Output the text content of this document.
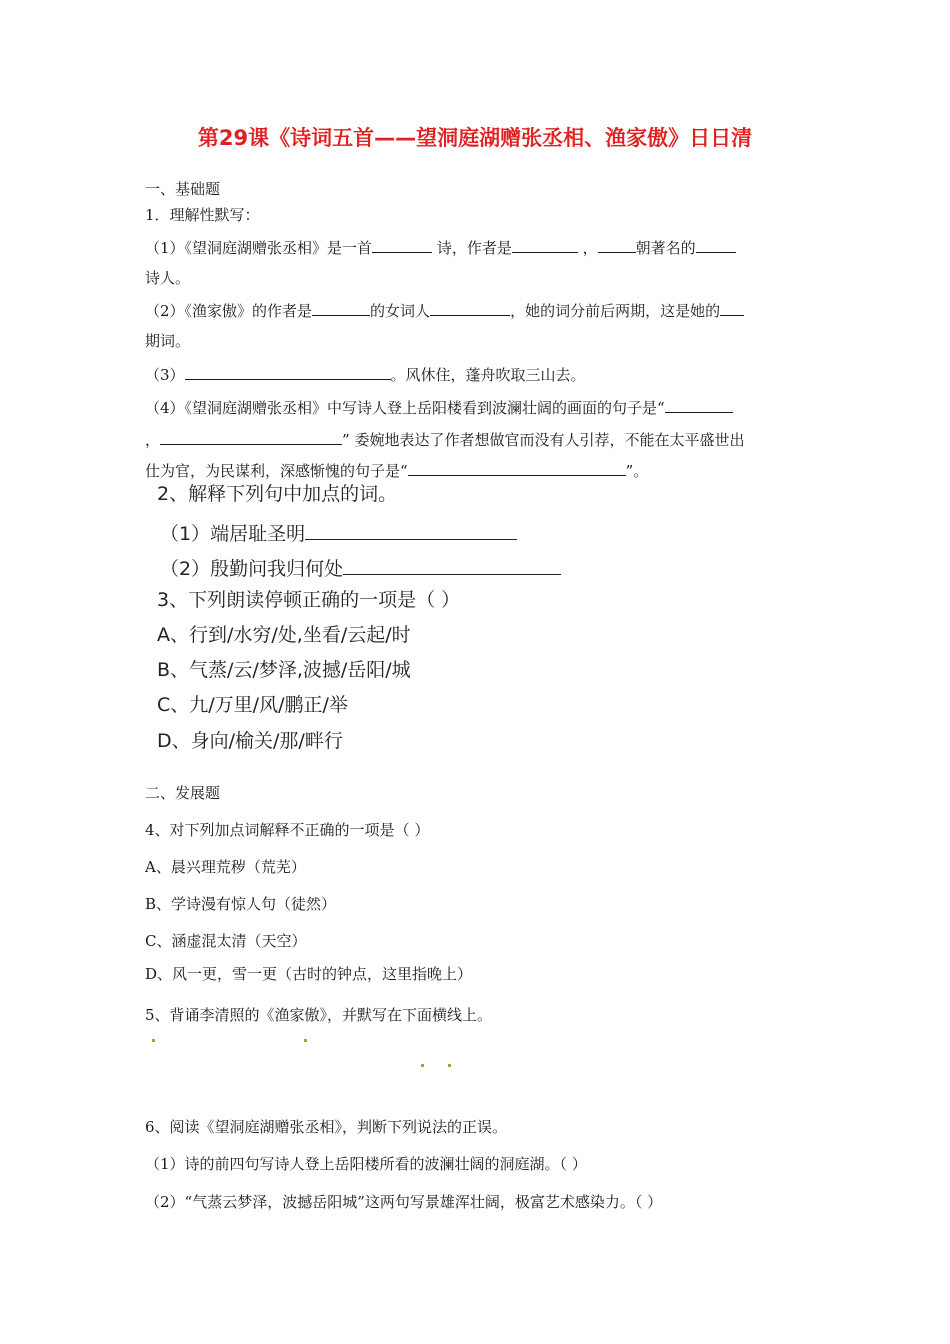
第29课《诗词五首——望洞庭湖赠张丞相、渔家傲》日日清
一、基础题
1．理解性默写：
（1）《望洞庭湖赠张丞相》是一首	诗，作者是	，	朝著名的
诗人。
（2）《渔家傲》的作者是	的女词人	，她的词分前后两期，这是她的
期词。
（3）	。风休住，蓬舟吹取三山去。
（4）《望洞庭湖赠张丞相》中写诗人登上岳阳楼看到波澜壮阔的画面的句子是“
，	” 委婉地表达了作者想做官而没有人引荐，不能在太平盛世出
仕为官，为民谋利，深感惭愧的句子是“	”。
2、解释下列句中加点的词。
（1）端居耻圣明
（2）殷勤问我归何处
3、下列朗读停顿正确的一项是（ ）
A、行到/水穷/处,坐看/云起/时
B、气蒸/云/梦泽,波撼/岳阳/城
C、九/万里/风/鹏正/举
D、身向/榆关/那/畔行
二、发展题
4、对下列加点词解释不正确的一项是（ ）
A、晨兴理荒秽（荒芜）
B、学诗漫有惊人句（徒然）
C、涵虚混太清（天空）
D、风一更，雪一更（古时的钟点，这里指晚上）
5、背诵李清照的《渔家傲》，并默写在下面横线上。
6、阅读《望洞庭湖赠张丞相》，判断下列说法的正误。
（1）诗的前四句写诗人登上岳阳楼所看的波澜壮阔的洞庭湖。（ ）
（2）“气蒸云梦泽，波撼岳阳城”这两句写景雄浑壮阔，极富艺术感染力。（ ）
